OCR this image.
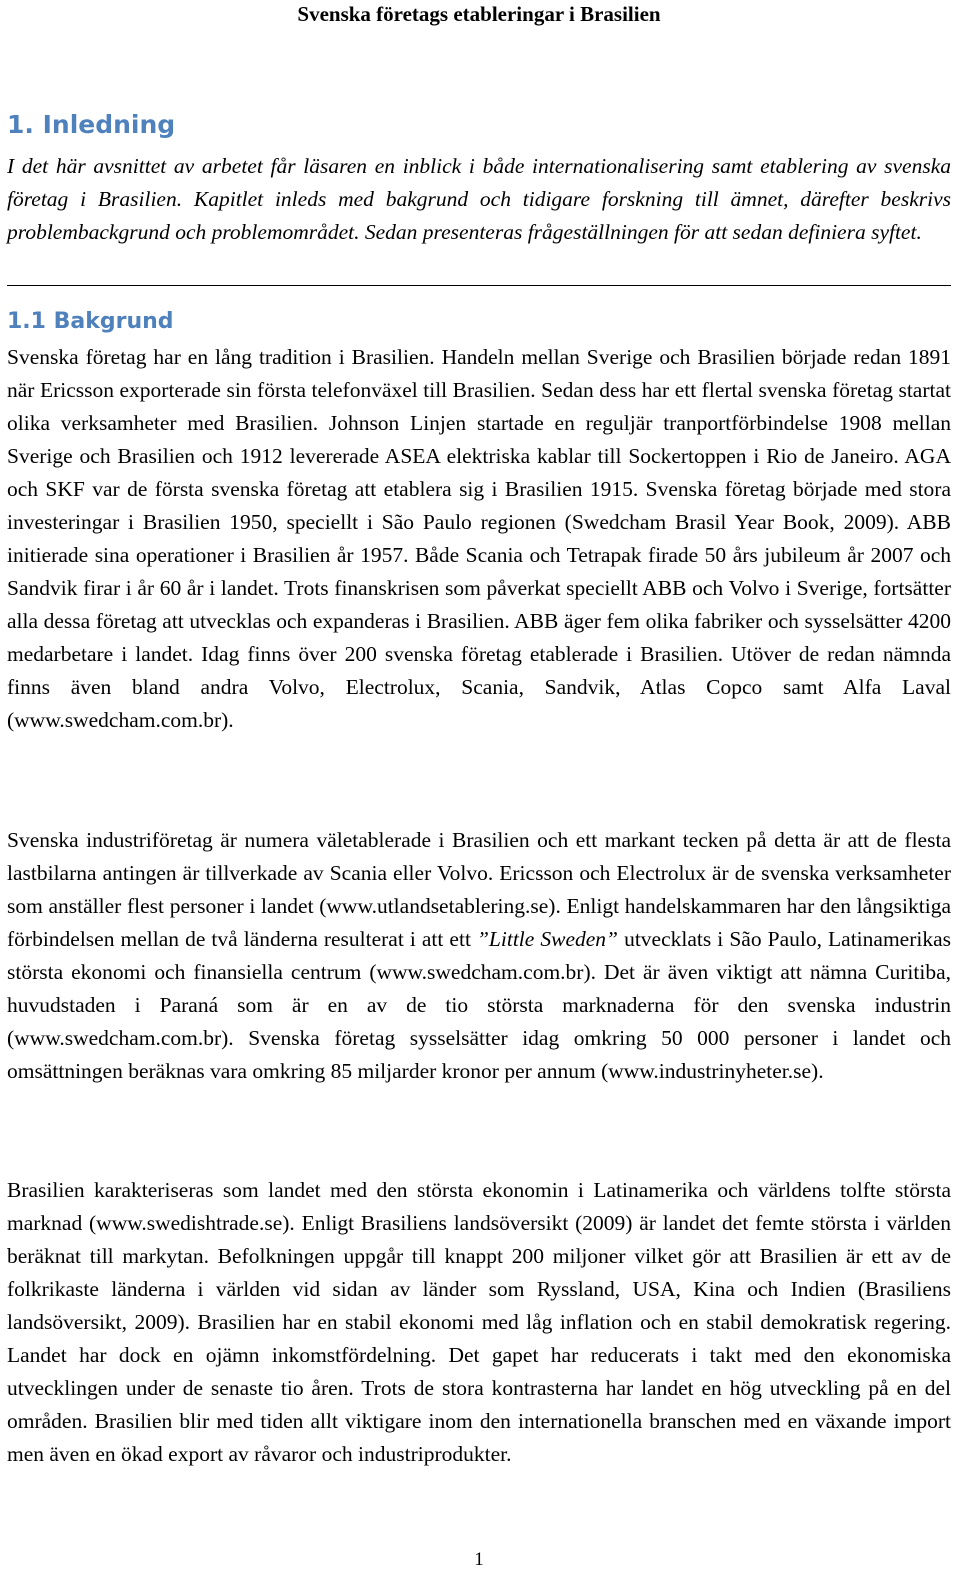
Svenska företags etableringar i Brasilien
1. Inledning

I det här avsnittet av arbetet får läsaren en inblick i både internationalisering samt etablering av svenska företag i Brasilien. Kapitlet inleds med bakgrund och tidigare forskning till ämnet, därefter beskrivs problembackgrund och problemområdet. Sedan presenteras frågeställningen för att sedan definiera syftet.

1.1 Bakgrund

Svenska företag har en lång tradition i Brasilien. Handeln mellan Sverige och Brasilien började redan 1891 när Ericsson exporterade sin första telefonväxel till Brasilien. Sedan dess har ett flertal svenska företag startat olika verksamheter med Brasilien. Johnson Linjen startade en reguljär tranportförbindelse 1908 mellan Sverige och Brasilien och 1912 levererade ASEA elektriska kablar till Sockertoppen i Rio de Janeiro. AGA och SKF var de första svenska företag att etablera sig i Brasilien 1915. Svenska företag började med stora investeringar i Brasilien 1950, speciellt i São Paulo regionen (Swedcham Brasil Year Book, 2009). ABB initierade sina operationer i Brasilien år 1957. Både Scania och Tetrapak firade 50 års jubileum år 2007 och Sandvik firar i år 60 år i landet. Trots finanskrisen som påverkat speciellt ABB och Volvo i Sverige, fortsätter alla dessa företag att utvecklas och expanderas i Brasilien. ABB äger fem olika fabriker och sysselsätter 4200 medarbetare i landet. Idag finns över 200 svenska företag etablerade i Brasilien. Utöver de redan nämnda finns även bland andra Volvo, Electrolux, Scania, Sandvik, Atlas Copco samt Alfa Laval (www.swedcham.com.br).

Svenska industriföretag är numera väletablerade i Brasilien och ett markant tecken på detta är att de flesta lastbilarna antingen är tillverkade av Scania eller Volvo. Ericsson och Electrolux är de svenska verksamheter som anställer flest personer i landet (www.utlandsetablering.se). Enligt handelskammaren har den långsiktiga förbindelsen mellan de två länderna resulterat i att ett ”Little Sweden” utvecklats i São Paulo, Latinamerikas största ekonomi och finansiella centrum (www.swedcham.com.br). Det är även viktigt att nämna Curitiba, huvudstaden i Paraná som är en av de tio största marknaderna för den svenska industrin (www.swedcham.com.br). Svenska företag sysselsätter idag omkring 50 000 personer i landet och omsättningen beräknas vara omkring 85 miljarder kronor per annum (www.industrinyheter.se).

Brasilien karakteriseras som landet med den största ekonomin i Latinamerika och världens tolfte största marknad (www.swedishtrade.se). Enligt Brasiliens landsöversikt (2009) är landet det femte största i världen beräknat till markytan. Befolkningen uppgår till knappt 200 miljoner vilket gör att Brasilien är ett av de folkrikaste länderna i världen vid sidan av länder som Ryssland, USA, Kina och Indien (Brasiliens landsöversikt, 2009). Brasilien har en stabil ekonomi med låg inflation och en stabil demokratisk regering. Landet har dock en ojämn inkomstfördelning. Det gapet har reducerats i takt med den ekonomiska utvecklingen under de senaste tio åren. Trots de stora kontrasterna har landet en hög utveckling på en del områden. Brasilien blir med tiden allt viktigare inom den internationella branschen med en växande import men även en ökad export av råvaror och industriprodukter.

1
